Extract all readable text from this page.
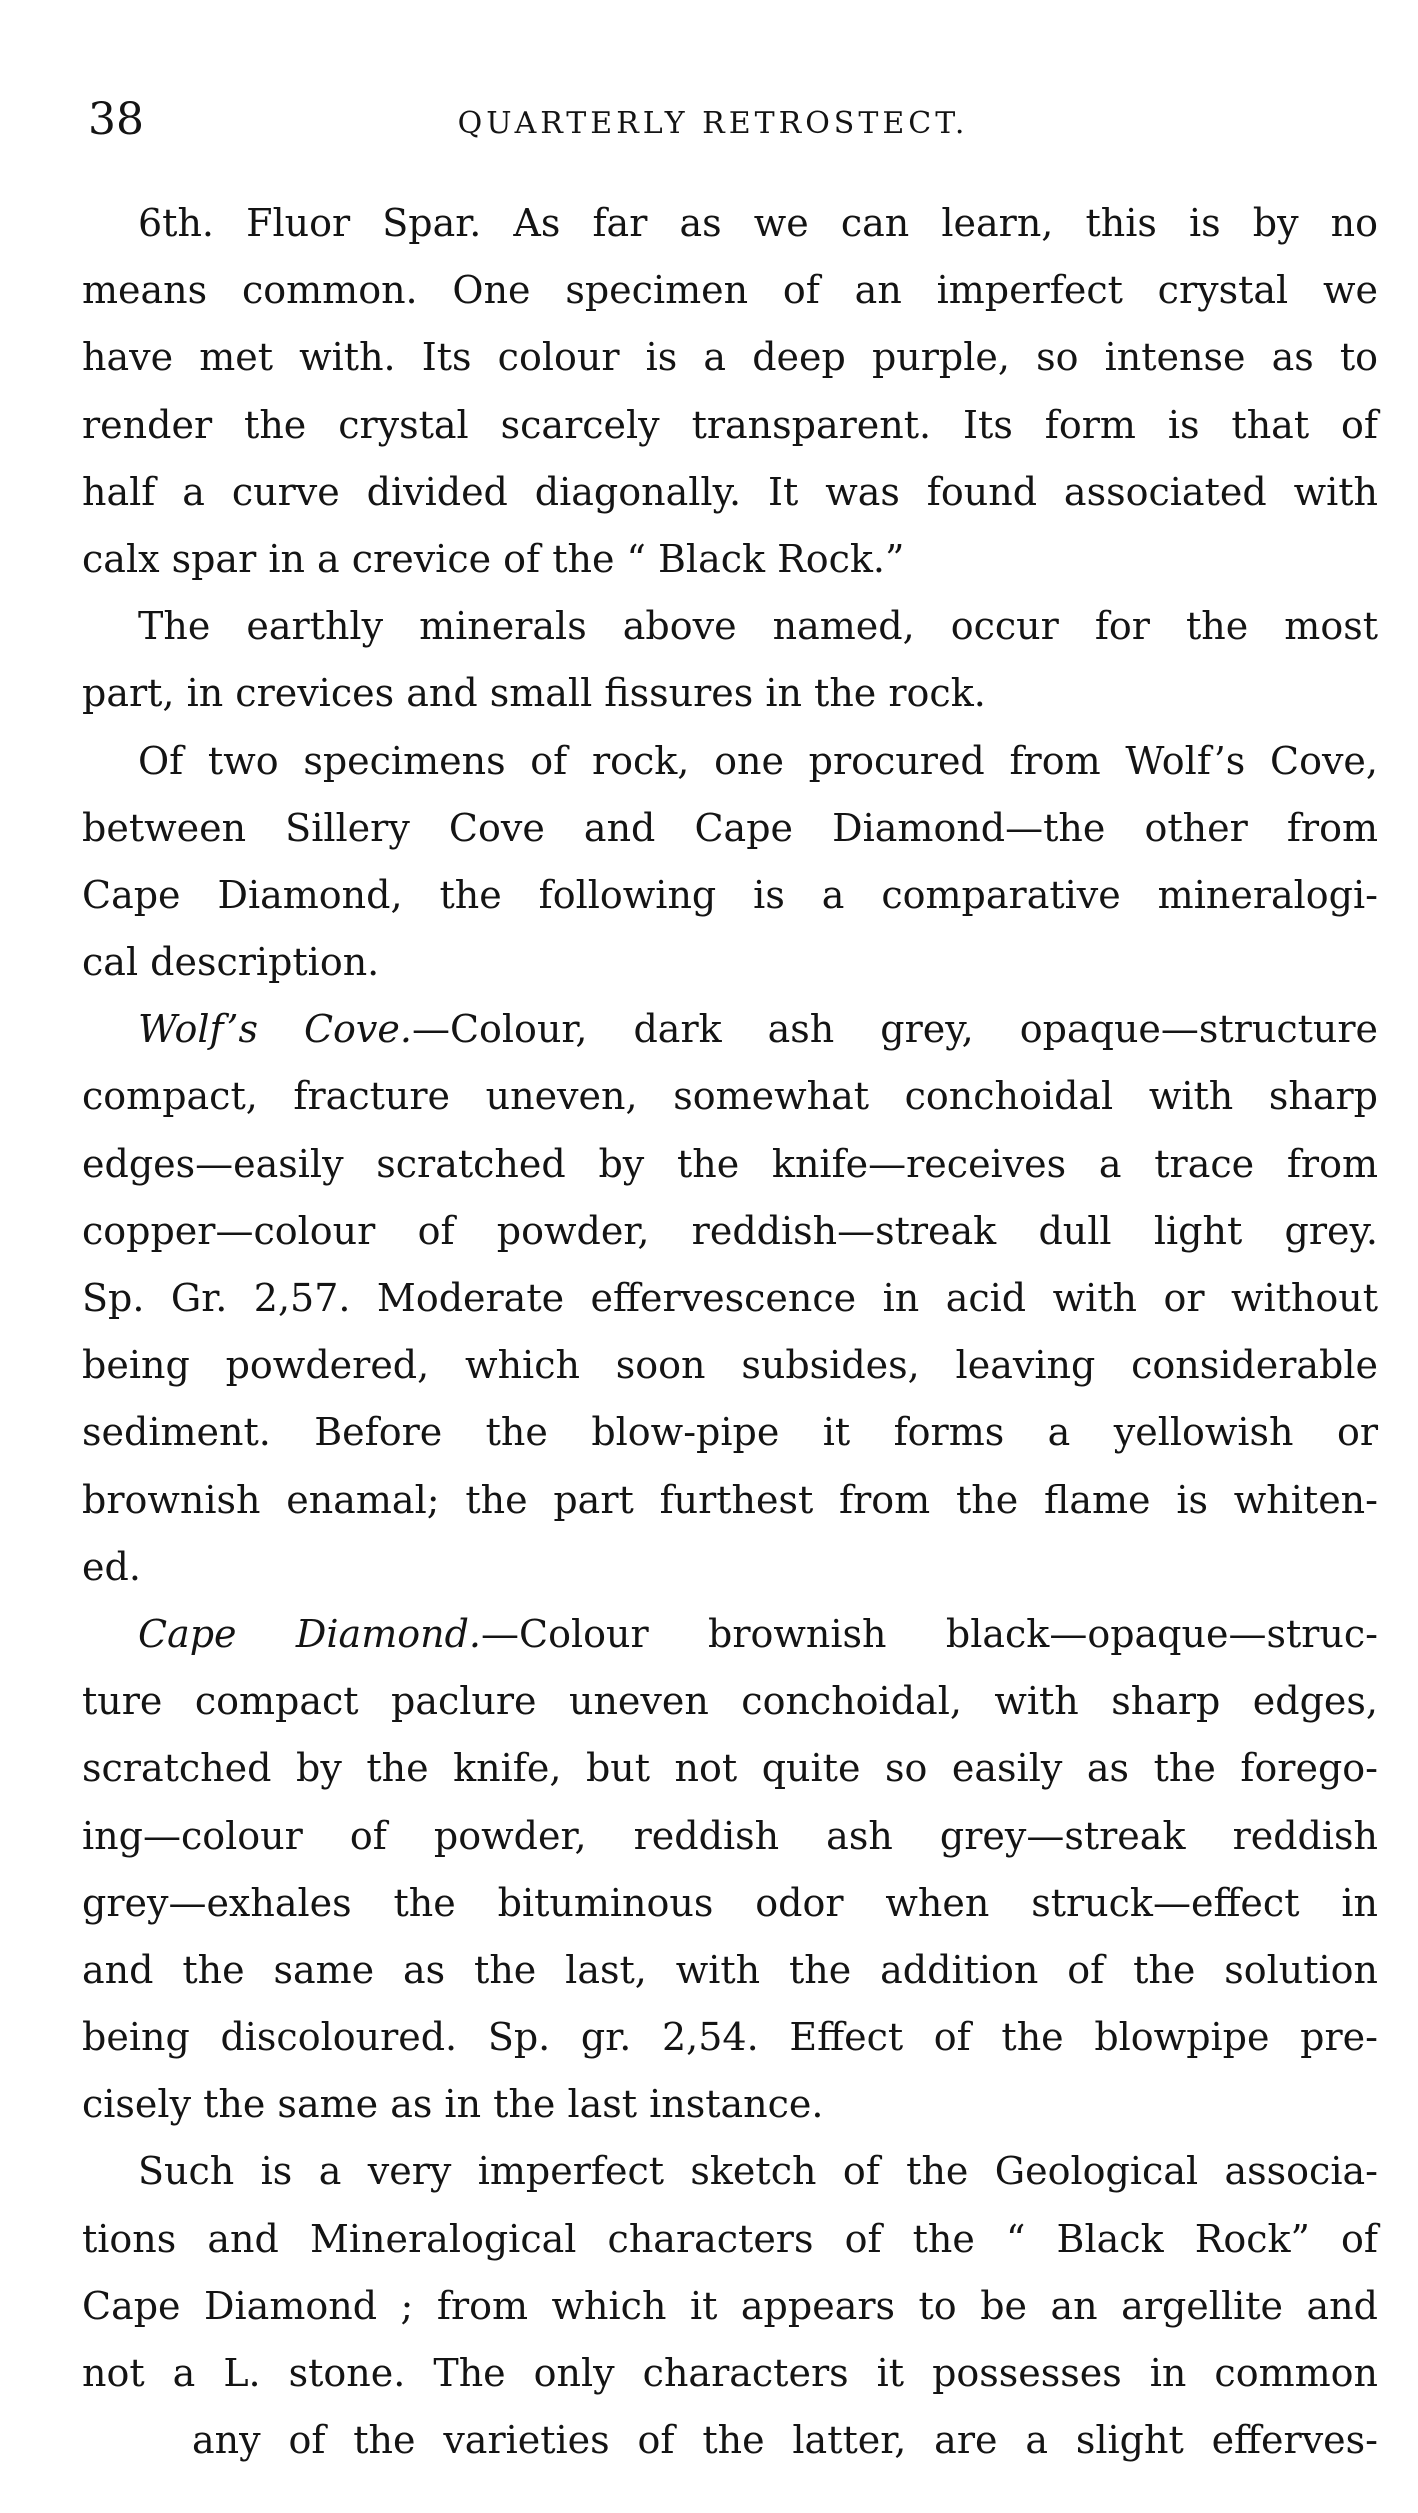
38	QUARTERLY RETROSTECT.
6th. Fluor Spar. As far as we can learn, this is by no
means common. One specimen of an imperfect crystal we
have met with. Its colour is a deep purple, so intense as to
render the crystal scarcely transparent. Its form is that of
half a curve divided diagonally. It was found associated with
calx spar in a crevice of the “ Black Rock.”
The earthly minerals above named, occur for the most
part, in crevices and small fissures in the rock.
Of two specimens of rock, one procured from Wolf’s Cove,
between Sillery Cove and Cape Diamond—the other from
Cape Diamond, the following is a comparative mineralogi-
cal description.
Wolf’s Cove.—Colour, dark ash grey, opaque—structure
compact, fracture uneven, somewhat conchoidal with sharp
edges—easily scratched by the knife—receives a trace from
copper—colour of powder, reddish—streak dull light grey.
Sp. Gr. 2,57. Moderate effervescence in acid with or without
being powdered, which soon subsides, leaving considerable
sediment. Before the blow-pipe it forms a yellowish or
brownish enamal; the part furthest from the flame is whiten-
ed.
Cape Diamond.—Colour brownish black—opaque—struc-
ture compact paclure uneven conchoidal, with sharp edges,
scratched by the knife, but not quite so easily as the forego-
ing—colour of powder, reddish ash grey—streak reddish
grey—exhales the bituminous odor when struck—effect in
and the same as the last, with the addition of the solution
being discoloured. Sp. gr. 2,54. Effect of the blowpipe pre-
cisely the same as in the last instance.
Such is a very imperfect sketch of the Geological associa-
tions and Mineralogical characters of the “ Black Rock” of
Cape Diamond ; from which it appears to be an argellite and
not a L. stone. The only characters it possesses in common
any of the varieties of the latter, are a slight efferves-
